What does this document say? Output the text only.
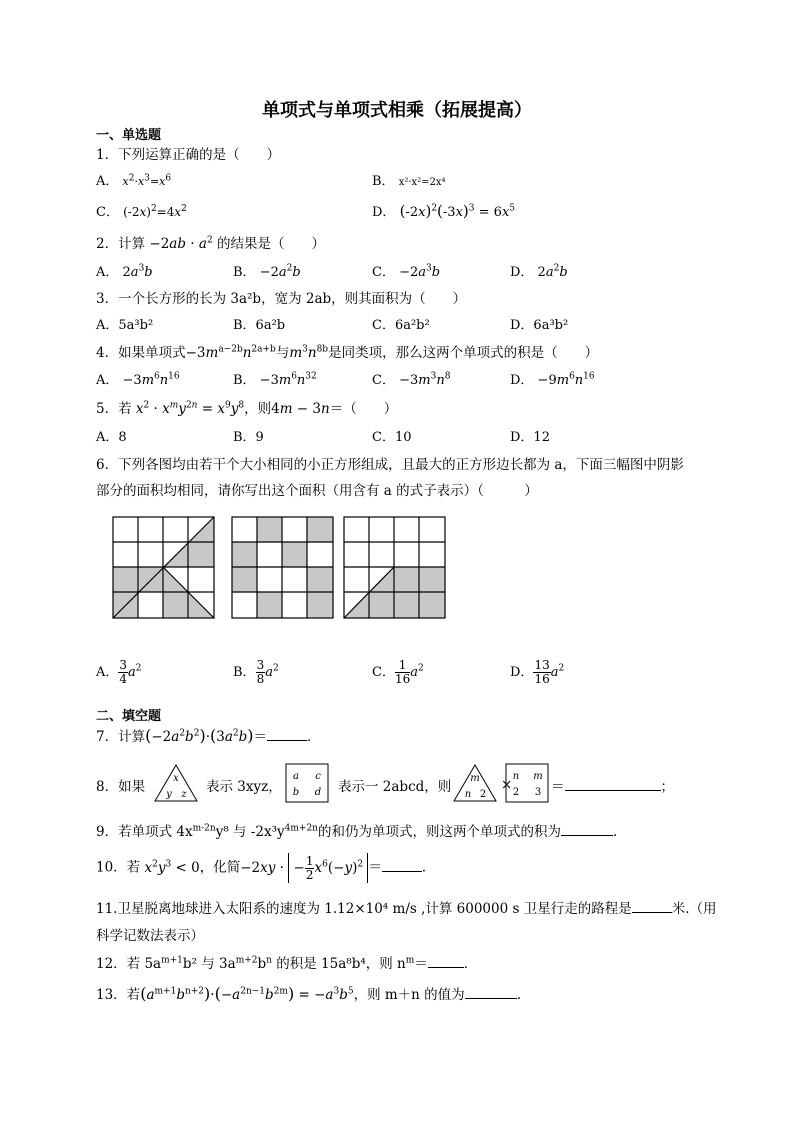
单项式与单项式相乘（拓展提高）
一、单选题
1．下列运算正确的是（　　）
A． $x^2\cdot x^3=x^6$	B． x²·x²=2x⁴
C． $(-2x)^2=4x^2$	D． $(-2x)^2(-3x)^3 = 6x^5$
2．计算 $-2ab \cdot a^2$ 的结果是（　　）
A． $2a^3b$	B． $-2a^2b$	C． $-2a^3b$	D． $2a^2b$
3．一个长方形的长为 3a²b，宽为 2ab，则其面积为（　　）
A．5a³b²	B．6a²b	C．6a²b²	D．6a³b²
4．如果单项式$-3m^{a-2b}n^{2a+b}$与$m^3n^{8b}$是同类项，那么这两个单项式的积是（　　）
A． $-3m^6n^{16}$	B． $-3m^6n^{32}$	C． $-3m^3n^8$	D． $-9m^6n^{16}$
5．若 $x^2 \cdot x^my^{2n} = x^9y^8$，则4m − 3n＝（　　）
A．8	B．9	C．10	D．12
6．下列各图均由若干个大小相同的小正方形组成，且最大的正方形边长都为 a，下面三幅图中阴影
部分的面积均相同，请你写出这个面积（用含有 a 的式子表示）（　　　）
A． $\frac{3}{4} a^2$	B． $\frac{3}{8} a^2$	C． $\frac{1}{16} a^2$	D． $\frac{13}{16} a^2$
二、填空题
7．计算$(-2a^2b^2)\cdot(3a^2b)=$	．
8．如果
x
y z 表示 3xyz，
a c
b d 表示一 2abcd，则
m
n 2
×
n m
2 3 ＝	；
9．若单项式 $4x^{m-2n}y^8$ 与 $-2x^3y^{4m+2n}$的和仍为单项式，则这两个单项式的积为	．
10．若 $x^2y^3 < 0$，化简−2xy ·  − $\frac{1}{2} x^6(-y)^2$ ＝	．
11.卫星脱离地球进入太阳系的速度为 1.12×10⁴ m/s ,计算 600000 s 卫星行走的路程是	米.（用
科学记数法表示）
12．若 $5a^{m+1}b^2$ 与 $3a^{m+2}b^n$ 的积是 15a⁸b⁴，则 $n^m=$	．
13．若$(a^{m+1}b^{n+2})\cdot(-a^{2n-1}b^{2m}) = -a^3b^5$，则 m＋n 的值为	.
